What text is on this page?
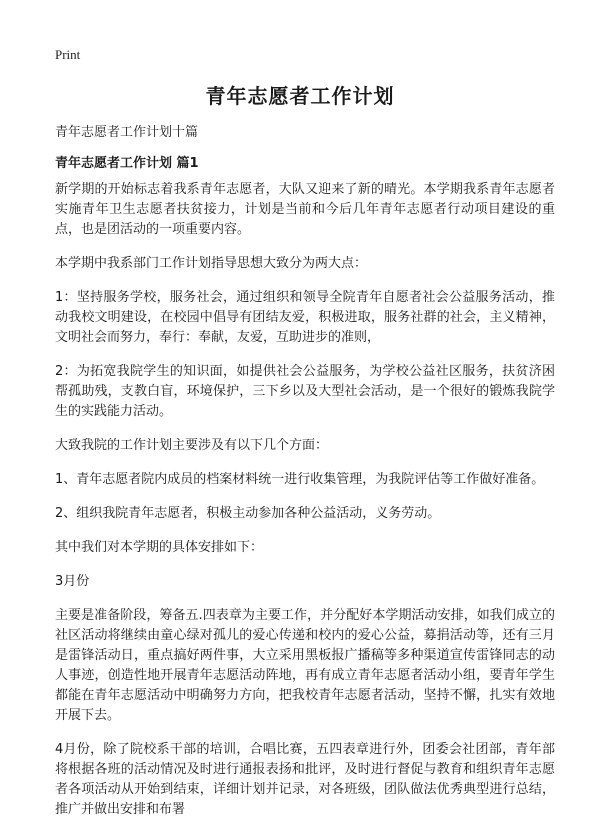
Print
青年志愿者工作计划

青年志愿者工作计划十篇

青年志愿者工作计划 篇1

新学期的开始标志着我系青年志愿者，大队又迎来了新的晴光。本学期我系青年志愿者实施青年卫生志愿者扶贫接力，计划是当前和今后几年青年志愿者行动项目建设的重点，也是团活动的一项重要内容。

本学期中我系部门工作计划指导思想大致分为两大点：

1：坚持服务学校，服务社会，通过组织和领导全院青年自愿者社会公益服务活动，推动我校文明建设，在校园中倡导有团结友爱，积极进取，服务社群的社会，主义精神，文明社会而努力，奉行：奉献，友爱，互助进步的准则，

2：为拓宽我院学生的知识面，如提供社会公益服务，为学校公益社区服务，扶贫济困帮孤助残，支教白盲，环境保护，三下乡以及大型社会活动，是一个很好的锻炼我院学生的实践能力活动。

大致我院的工作计划主要涉及有以下几个方面：

1、青年志愿者院内成员的档案材料统一进行收集管理，为我院评估等工作做好准备。

2、组织我院青年志愿者，积极主动参加各种公益活动，义务劳动。

其中我们对本学期的具体安排如下：

3月份

主要是准备阶段，筹备五.四表章为主要工作，并分配好本学期活动安排，如我们成立的社区活动将继续由童心绿对孤儿的爱心传递和校内的爱心公益，募捐活动等，还有三月是雷锋活动日，重点搞好两件事，大立采用黑板报广播稿等多种渠道宣传雷锋同志的动人事迹，创造性地开展青年志愿活动阵地，再有成立青年志愿者活动小组，要青年学生都能在青年志愿活动中明确努力方向，把我校青年志愿者活动，坚持不懈，扎实有效地开展下去。

4月份，除了院校系干部的培训，合唱比赛，五四表章进行外，团委会社团部，青年部将根据各班的活动情况及时进行通报表扬和批评，及时进行督促与教育和组织青年志愿者各项活动从开始到结束，详细计划并记录，对各班级，团队做法优秀典型进行总结，推广并做出安排和布署
